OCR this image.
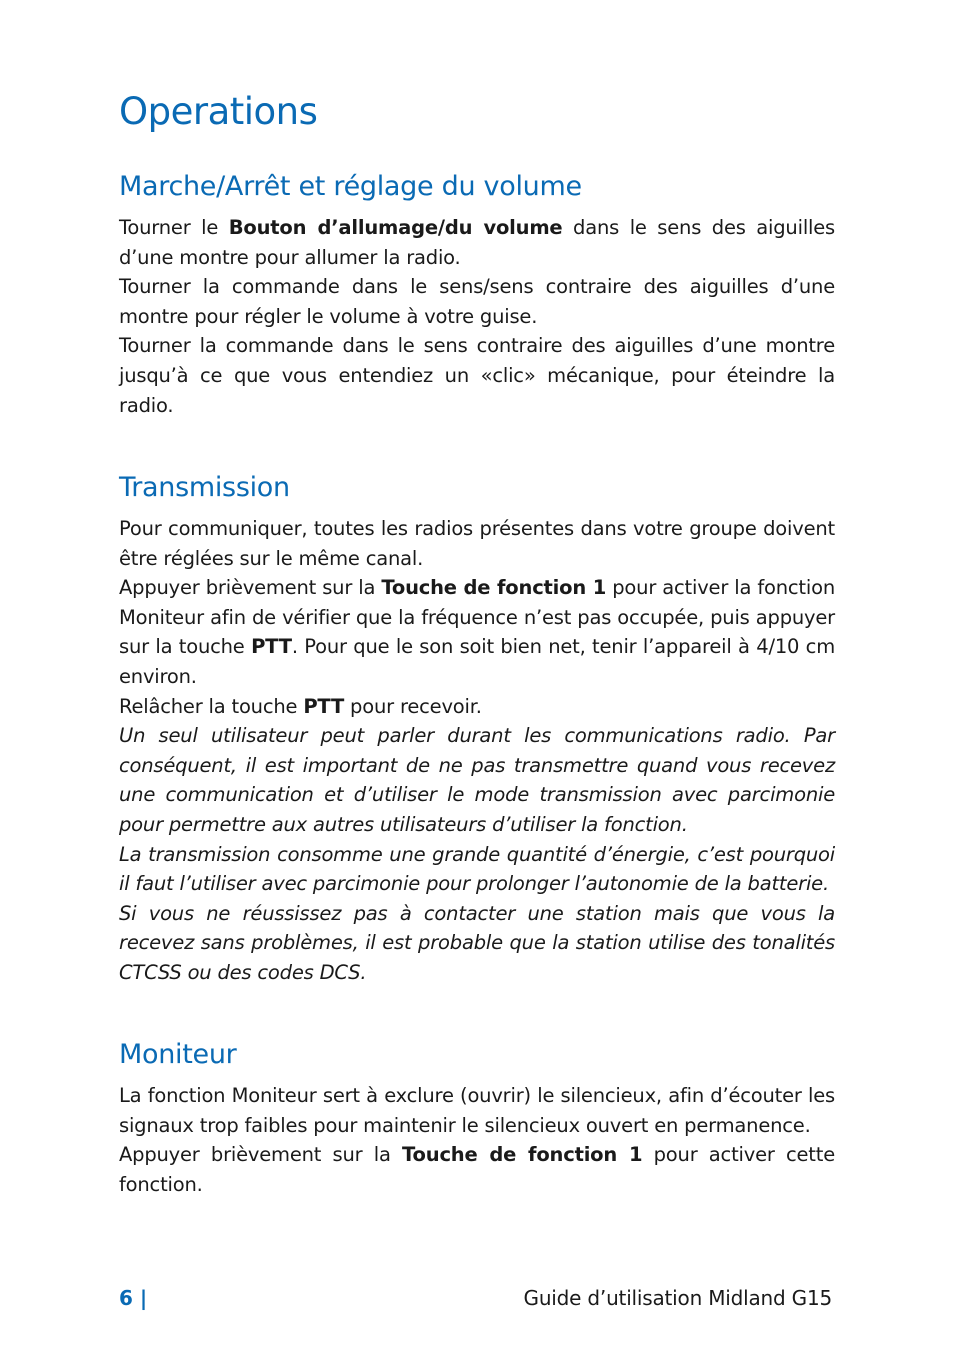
Operations
Marche/Arrêt et réglage du volume

Tourner le Bouton d’allumage/du volume dans le sens des aiguilles d’une montre pour allumer la radio.

Tourner la commande dans le sens/sens contraire des aiguilles d’une montre pour régler le volume à votre guise.

Tourner la commande dans le sens contraire des aiguilles d’une montre jusqu’à ce que vous entendiez un «clic» mécanique, pour éteindre la radio.

Transmission

Pour communiquer, toutes les radios présentes dans votre groupe doivent être réglées sur le même canal.

Appuyer brièvement sur la Touche de fonction 1 pour activer la fonction Moniteur afin de vérifier que la fréquence n’est pas occupée, puis appuyer sur la touche PTT. Pour que le son soit bien net, tenir l’appareil à 4/10 cm environ.

Relâcher la touche PTT pour recevoir.

Un seul utilisateur peut parler durant les communications radio. Par conséquent, il est important de ne pas transmettre quand vous recevez une communication et d’utiliser le mode transmission avec parcimonie pour permettre aux autres utilisateurs d’utiliser la fonction.

La transmission consomme une grande quantité d’énergie, c’est pourquoi il faut l’utiliser avec parcimonie pour prolonger l’autonomie de la batterie.

Si vous ne réussissez pas à contacter une station mais que vous la recevez sans problèmes, il est probable que la station utilise des tonalités CTCSS ou des codes DCS.

Moniteur

La fonction Moniteur sert à exclure (ouvrir) le silencieux, afin d’écouter les signaux trop faibles pour maintenir le silencieux ouvert en permanence.

Appuyer brièvement sur la Touche de fonction 1 pour activer cette fonction.

6 |	Guide d’utilisation Midland G15
